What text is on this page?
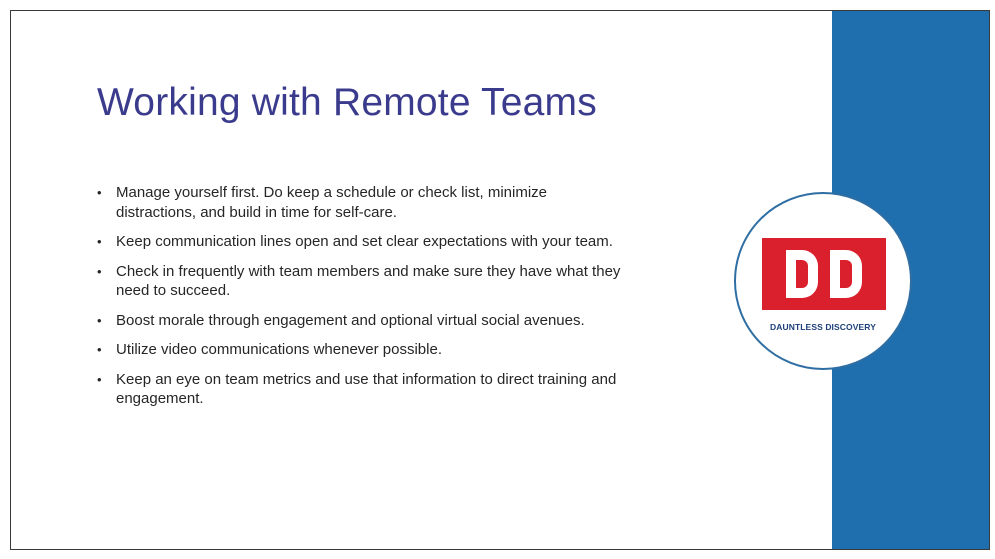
Working with Remote Teams
• Manage yourself first. Do keep a schedule or check list, minimize distractions, and build in time for self-care.
• Keep communication lines open and set clear expectations with your team.
• Check in frequently with team members and make sure they have what they need to succeed.
• Boost morale through engagement and optional virtual social avenues.
• Utilize video communications whenever possible.
• Keep an eye on team metrics and use that information to direct training and engagement.
DAUNTLESS DISCOVERY
